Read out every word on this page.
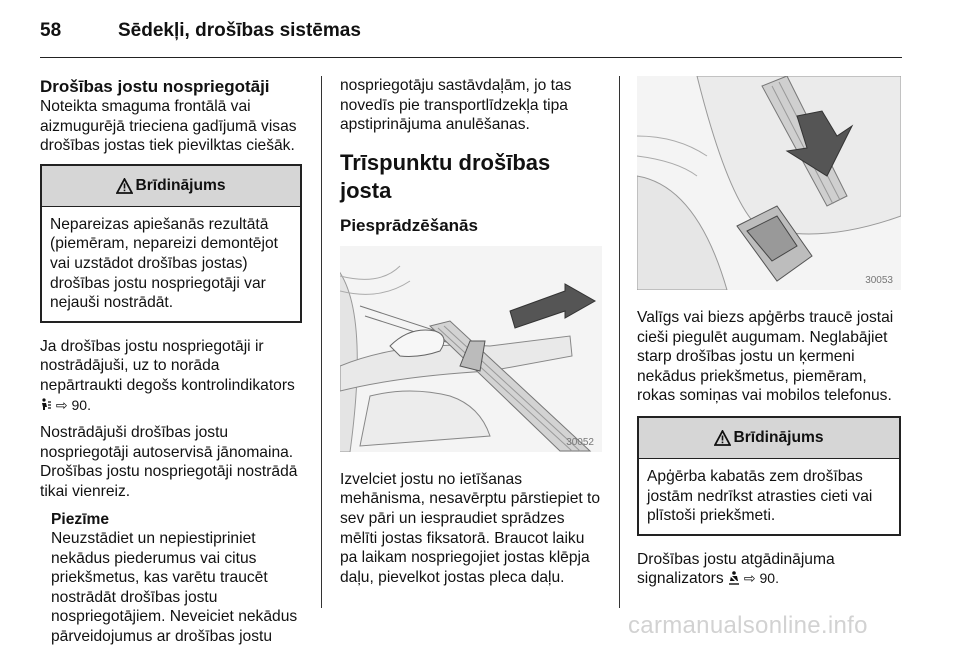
58	Sēdekļi, drošības sistēmas
Drošības jostu nospriegotāji

Noteikta smaguma frontālā vai aizmugurējā trieciena gadījumā visas drošības jostas tiek pievilktas ciešāk.

Brīdinājums

Nepareizas apiešanās rezultātā (piemēram, nepareizi demontējot vai uzstādot drošības jostas) drošības jostu nospriegotāji var nejauši nostrādāt.

Ja drošības jostu nospriegotāji ir nostrādājuši, uz to norāda nepārtraukti degošs kontrolindikators  ⇨ 90.

Nostrādājuši drošības jostu nospriegotāji autoservisā jānomaina. Drošības jostu nospriegotāji nostrādā tikai vienreiz.

Piezīme

Neuzstādiet un nepiestipriniet nekādus piederumus vai citus priekšmetus, kas varētu traucēt nostrādāt drošības jostu nospriegotājiem. Neveiciet nekādus pārveidojumus ar drošības jostu

nospriegotāju sastāvdaļām, jo tas novedīs pie transportlīdzekļa tipa apstiprinājuma anulēšanas.

Trīspunktu drošības josta
Piesprādzēšanās
30052

Izvelciet jostu no ietīšanas mehānisma, nesavērptu pārstiepiet to sev pāri un iespraudiet sprādzes mēlīti jostas fiksatorā. Braucot laiku pa laikam nospriegojiet jostas klēpja daļu, pievelkot jostas pleca daļu.

30053

Valīgs vai biezs apģērbs traucē jostai cieši piegulēt augumam. Neglabājiet starp drošības jostu un ķermeni nekādus priekšmetus, piemēram, rokas somiņas vai mobilos telefonus.

Brīdinājums

Apģērba kabatās zem drošības jostām nedrīkst atrasties cieti vai plīstoši priekšmeti.

Drošības jostu atgādinājuma signalizators  ⇨ 90.

carmanualsonline.info
